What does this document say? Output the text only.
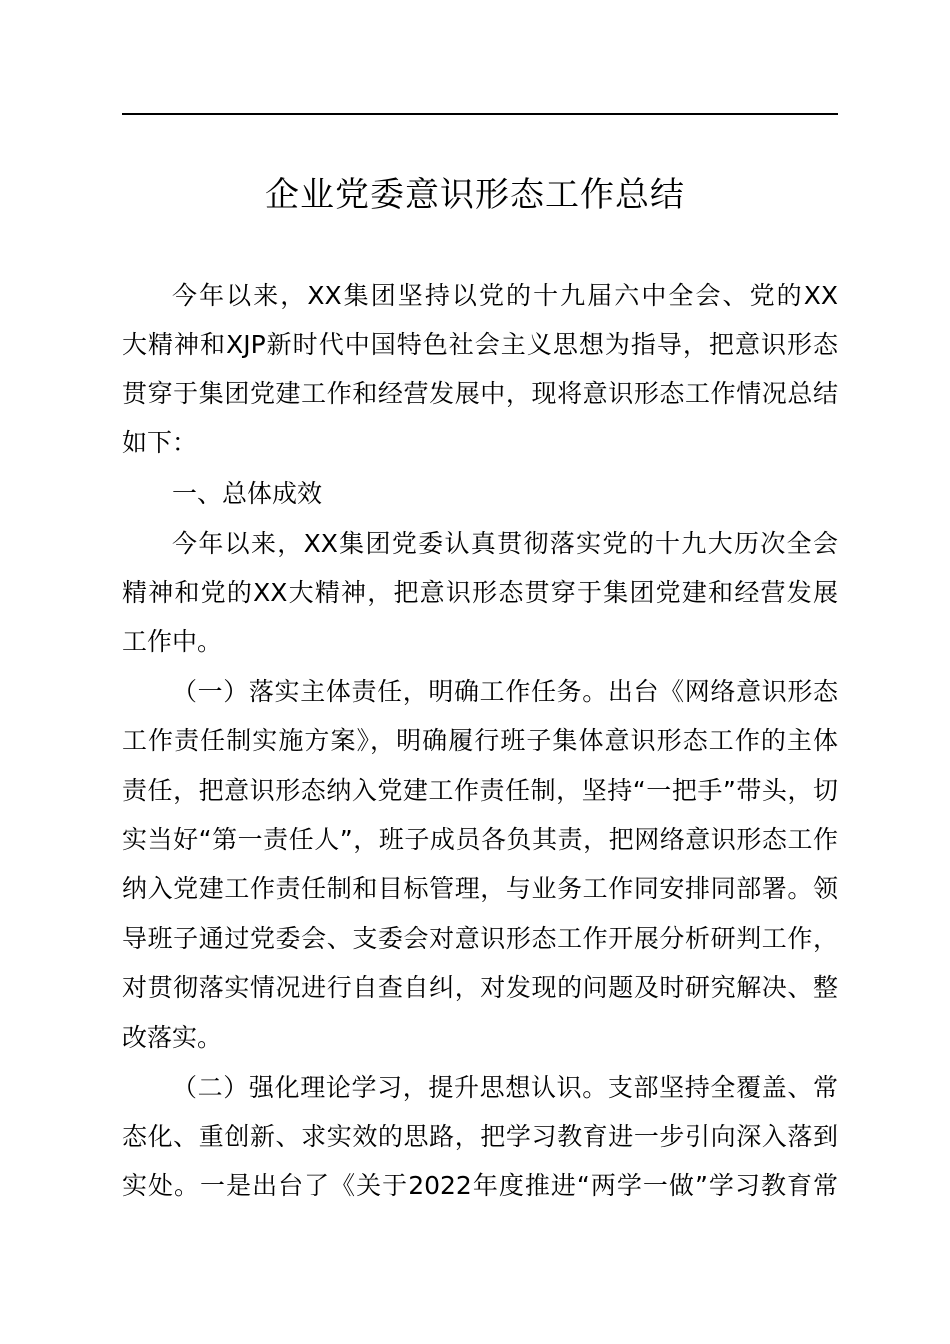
企业党委意识形态工作总结
今年以来，XX集团坚持以党的十九届六中全会、党的XX
大精神和XJP新时代中国特色社会主义思想为指导，把意识形态
贯穿于集团党建工作和经营发展中，现将意识形态工作情况总结
如下：
一、总体成效
今年以来，XX集团党委认真贯彻落实党的十九大历次全会
精神和党的XX大精神，把意识形态贯穿于集团党建和经营发展
工作中。
（一）落实主体责任，明确工作任务。出台《网络意识形态
工作责任制实施方案》，明确履行班子集体意识形态工作的主体
责任，把意识形态纳入党建工作责任制，坚持“一把手”带头，切
实当好“第一责任人”，班子成员各负其责，把网络意识形态工作
纳入党建工作责任制和目标管理，与业务工作同安排同部署。领
导班子通过党委会、支委会对意识形态工作开展分析研判工作，
对贯彻落实情况进行自查自纠，对发现的问题及时研究解决、整
改落实。
（二）强化理论学习，提升思想认识。支部坚持全覆盖、常
态化、重创新、求实效的思路，把学习教育进一步引向深入落到
实处。一是出台了《关于2022年度推进“两学一做”学习教育常
